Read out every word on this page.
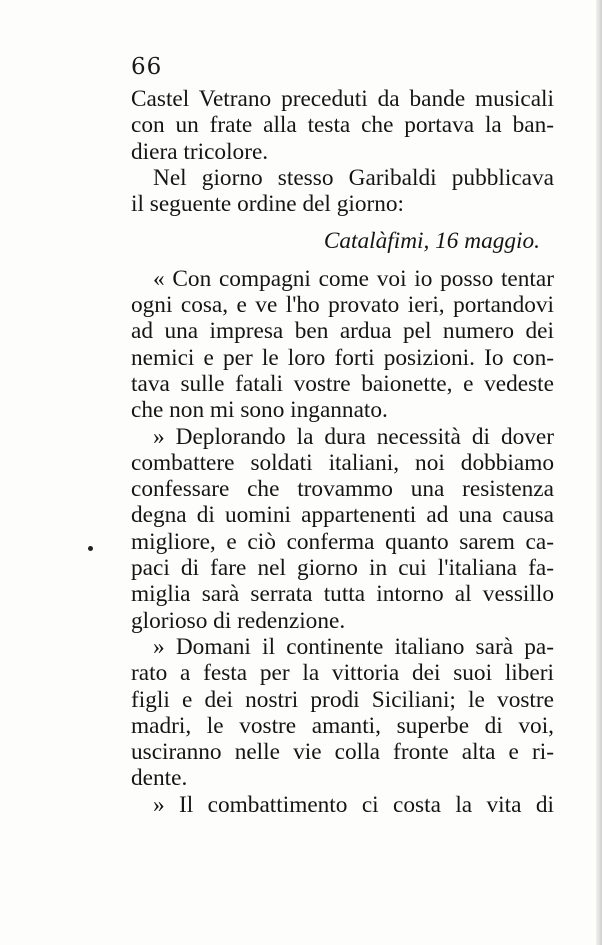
66
Castel Vetrano preceduti da bande musicali
con un frate alla testa che portava la ban-
diera tricolore.
Nel giorno stesso Garibaldi pubblicava
il seguente ordine del giorno:
Catalàfimi, 16 maggio.
« Con compagni come voi io posso tentar
ogni cosa, e ve l'ho provato ieri, portandovi
ad una impresa ben ardua pel numero dei
nemici e per le loro forti posizioni. Io con-
tava sulle fatali vostre baionette, e vedeste
che non mi sono ingannato.
» Deplorando la dura necessità di dover
combattere soldati italiani, noi dobbiamo
confessare che trovammo una resistenza
degna di uomini appartenenti ad una causa
migliore, e ciò conferma quanto sarem ca-
paci di fare nel giorno in cui l'italiana fa-
miglia sarà serrata tutta intorno al vessillo
glorioso di redenzione.
» Domani il continente italiano sarà pa-
rato a festa per la vittoria dei suoi liberi
figli e dei nostri prodi Siciliani; le vostre
madri, le vostre amanti, superbe di voi,
usciranno nelle vie colla fronte alta e ri-
dente.
» Il combattimento ci costa la vita di
